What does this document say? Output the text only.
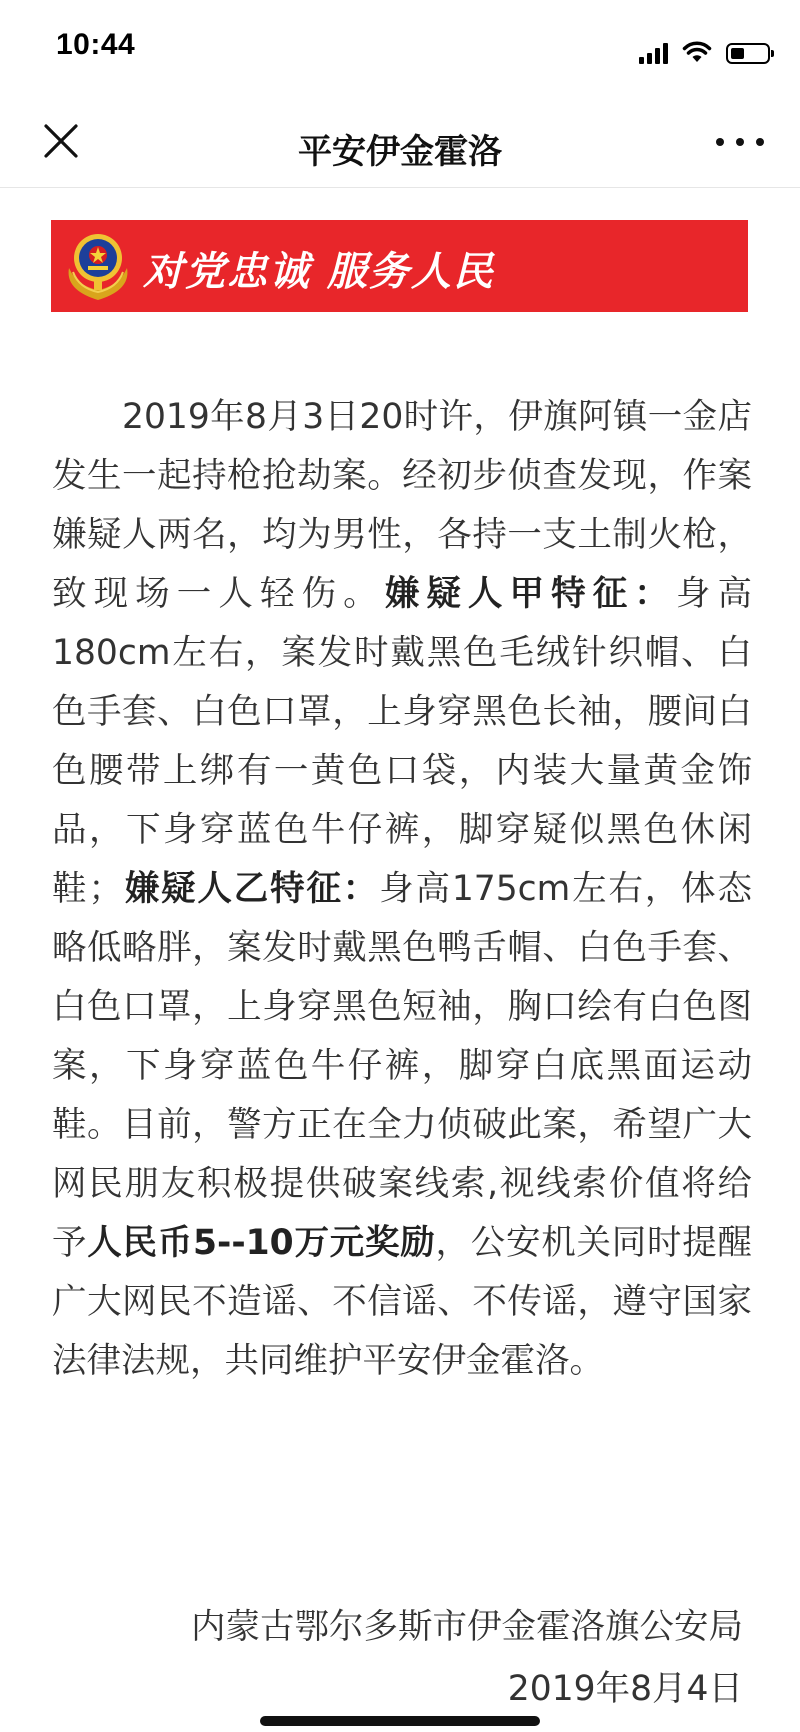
10:44
平安伊金霍洛
对党忠诚 服务人民

2019年8月3日20时许，伊旗阿镇一金店发生一起持枪抢劫案。经初步侦查发现，作案嫌疑人两名，均为男性，各持一支土制火枪，致现场一人轻伤。嫌疑人甲特征：身高180cm左右，案发时戴黑色毛绒针织帽、白色手套、白色口罩，上身穿黑色长袖，腰间白色腰带上绑有一黄色口袋，内装大量黄金饰品，下身穿蓝色牛仔裤，脚穿疑似黑色休闲鞋；嫌疑人乙特征：身高175cm左右，体态略低略胖，案发时戴黑色鸭舌帽、白色手套、白色口罩，上身穿黑色短袖，胸口绘有白色图案，下身穿蓝色牛仔裤，脚穿白底黑面运动鞋。目前，警方正在全力侦破此案，希望广大网民朋友积极提供破案线索,视线索价值将给予人民币5--10万元奖励，公安机关同时提醒广大网民不造谣、不信谣、不传谣，遵守国家法律法规，共同维护平安伊金霍洛。

内蒙古鄂尔多斯市伊金霍洛旗公安局
2019年8月4日
